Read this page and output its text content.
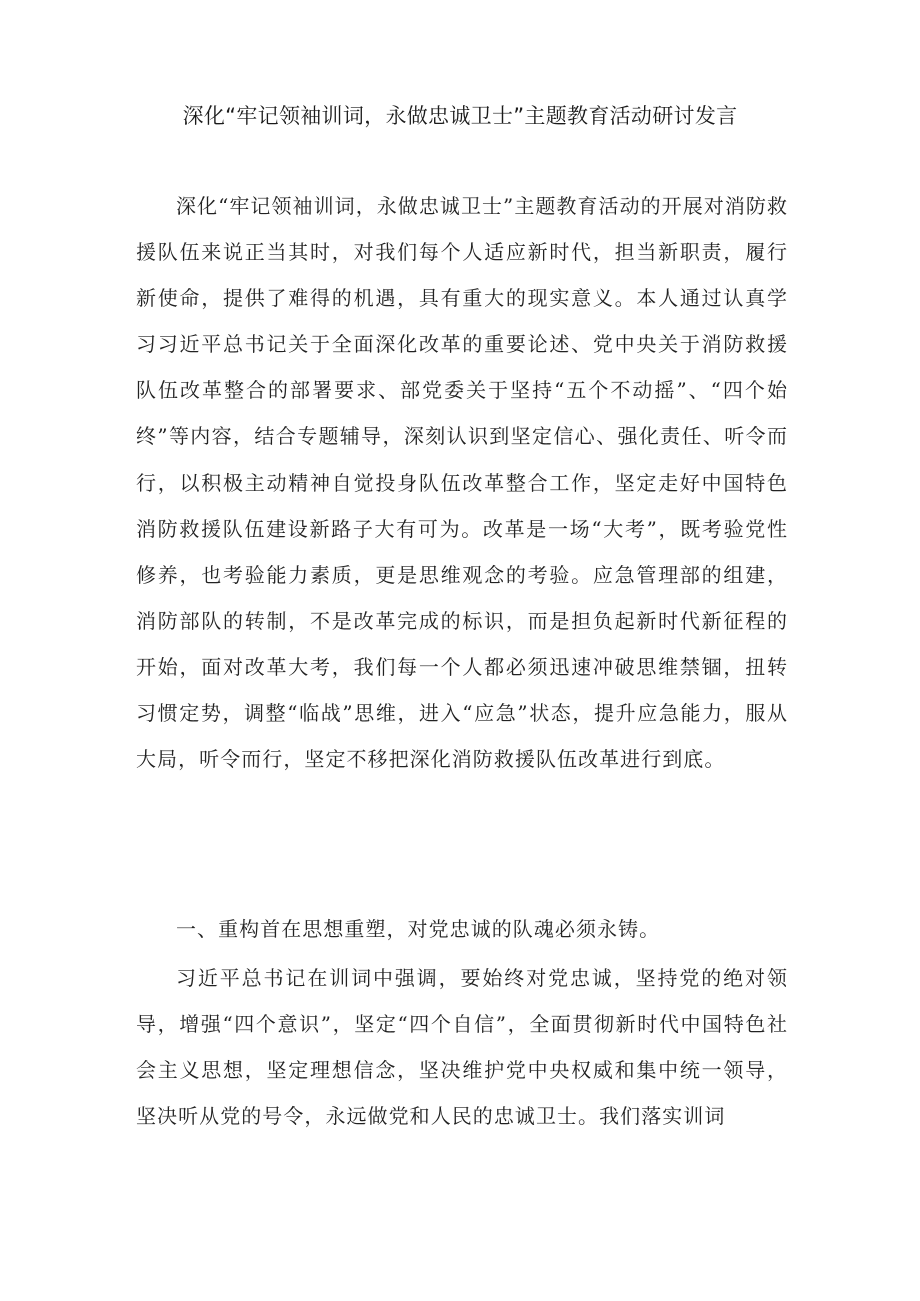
深化“牢记领袖训词，永做忠诚卫士”主题教育活动研讨发言

深化“牢记领袖训词，永做忠诚卫士”主题教育活动的开展对消防救援队伍来说正当其时，对我们每个人适应新时代，担当新职责，履行新使命，提供了难得的机遇，具有重大的现实意义。本人通过认真学习习近平总书记关于全面深化改革的重要论述、党中央关于消防救援队伍改革整合的部署要求、部党委关于坚持“五个不动摇”、“四个始终”等内容，结合专题辅导，深刻认识到坚定信心、强化责任、听令而行，以积极主动精神自觉投身队伍改革整合工作，坚定走好中国特色消防救援队伍建设新路子大有可为。改革是一场“大考”，既考验党性修养，也考验能力素质，更是思维观念的考验。应急管理部的组建，消防部队的转制，不是改革完成的标识，而是担负起新时代新征程的开始，面对改革大考，我们每一个人都必须迅速冲破思维禁锢，扭转习惯定势，调整“临战”思维，进入“应急”状态，提升应急能力，服从大局，听令而行，坚定不移把深化消防救援队伍改革进行到底。

一、重构首在思想重塑，对党忠诚的队魂必须永铸。

习近平总书记在训词中强调，要始终对党忠诚，坚持党的绝对领导，增强“四个意识”，坚定“四个自信”，全面贯彻新时代中国特色社会主义思想，坚定理想信念，坚决维护党中央权威和集中统一领导，坚决听从党的号令，永远做党和人民的忠诚卫士。我们落实训词
